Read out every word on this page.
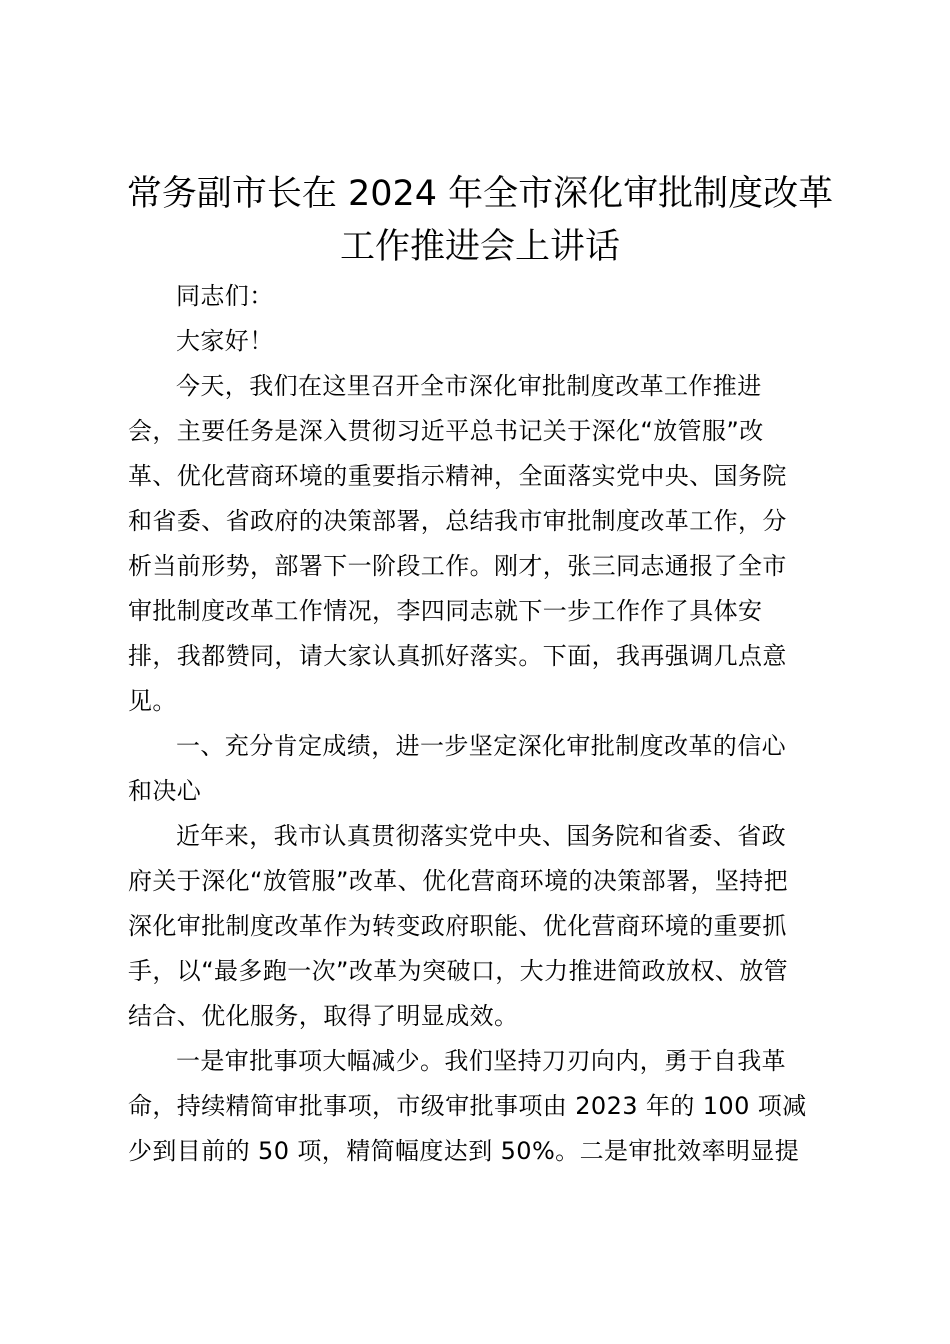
常务副市长在 2024 年全市深化审批制度改革
工作推进会上讲话
同志们：
大家好！
今天，我们在这里召开全市深化审批制度改革工作推进
会，主要任务是深入贯彻习近平总书记关于深化“放管服”改
革、优化营商环境的重要指示精神，全面落实党中央、国务院
和省委、省政府的决策部署，总结我市审批制度改革工作，分
析当前形势，部署下一阶段工作。刚才，张三同志通报了全市
审批制度改革工作情况，李四同志就下一步工作作了具体安
排，我都赞同，请大家认真抓好落实。下面，我再强调几点意
见。
一、充分肯定成绩，进一步坚定深化审批制度改革的信心
和决心
近年来，我市认真贯彻落实党中央、国务院和省委、省政
府关于深化“放管服”改革、优化营商环境的决策部署，坚持把
深化审批制度改革作为转变政府职能、优化营商环境的重要抓
手，以“最多跑一次”改革为突破口，大力推进简政放权、放管
结合、优化服务，取得了明显成效。
一是审批事项大幅减少。我们坚持刀刃向内，勇于自我革
命，持续精简审批事项，市级审批事项由 2023 年的 100 项减
少到目前的 50 项，精简幅度达到 50%。二是审批效率明显提
